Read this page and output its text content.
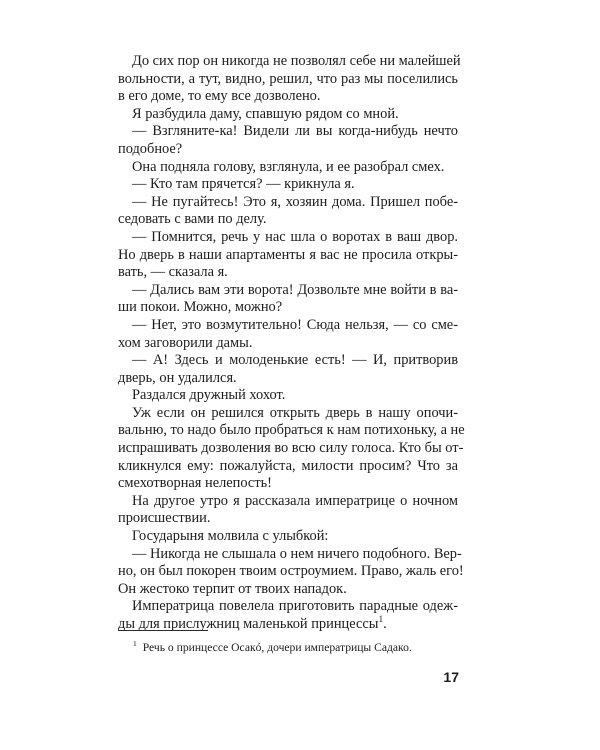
До сих пор он никогда не позволял себе ни малейшей
вольности, а тут, видно, решил, что раз мы поселились
в его доме, то ему все дозволено.
Я разбудила даму, спавшую рядом со мной.
— Взгляните-ка! Видели ли вы когда-нибудь нечто
подобное?
Она подняла голову, взглянула, и ее разобрал смех.
— Кто там прячется? — крикнула я.
— Не пугайтесь! Это я, хозяин дома. Пришел побе-
седовать с вами по делу.
— Помнится, речь у нас шла о воротах в ваш двор.
Но дверь в наши апартаменты я вас не просила откры-
вать, — сказала я.
— Дались вам эти ворота! Дозвольте мне войти в ва-
ши покои. Можно, можно?
— Нет, это возмутительно! Сюда нельзя, — со сме-
хом заговорили дамы.
— А! Здесь и молоденькие есть! — И, притворив
дверь, он удалился.
Раздался дружный хохот.
Уж если он решился открыть дверь в нашу опочи-
вальню, то надо было пробраться к нам потихоньку, а не
испрашивать дозволения во всю силу голоса. Кто бы от-
кликнулся ему: пожалуйста, милости просим? Что за
смехотворная нелепость!
На другое утро я рассказала императрице о ночном
происшествии.
Государыня молвила с улыбкой:
— Никогда не слышала о нем ничего подобного. Вер-
но, он был покорен твоим остроумием. Право, жаль его!
Он жестоко терпит от твоих нападок.
Императрица повелела приготовить парадные одеж-
ды для прислужниц маленькой принцессы$^1$.
$^1$ Речь о принцессе Осакó, дочери императрицы Садако.
17
